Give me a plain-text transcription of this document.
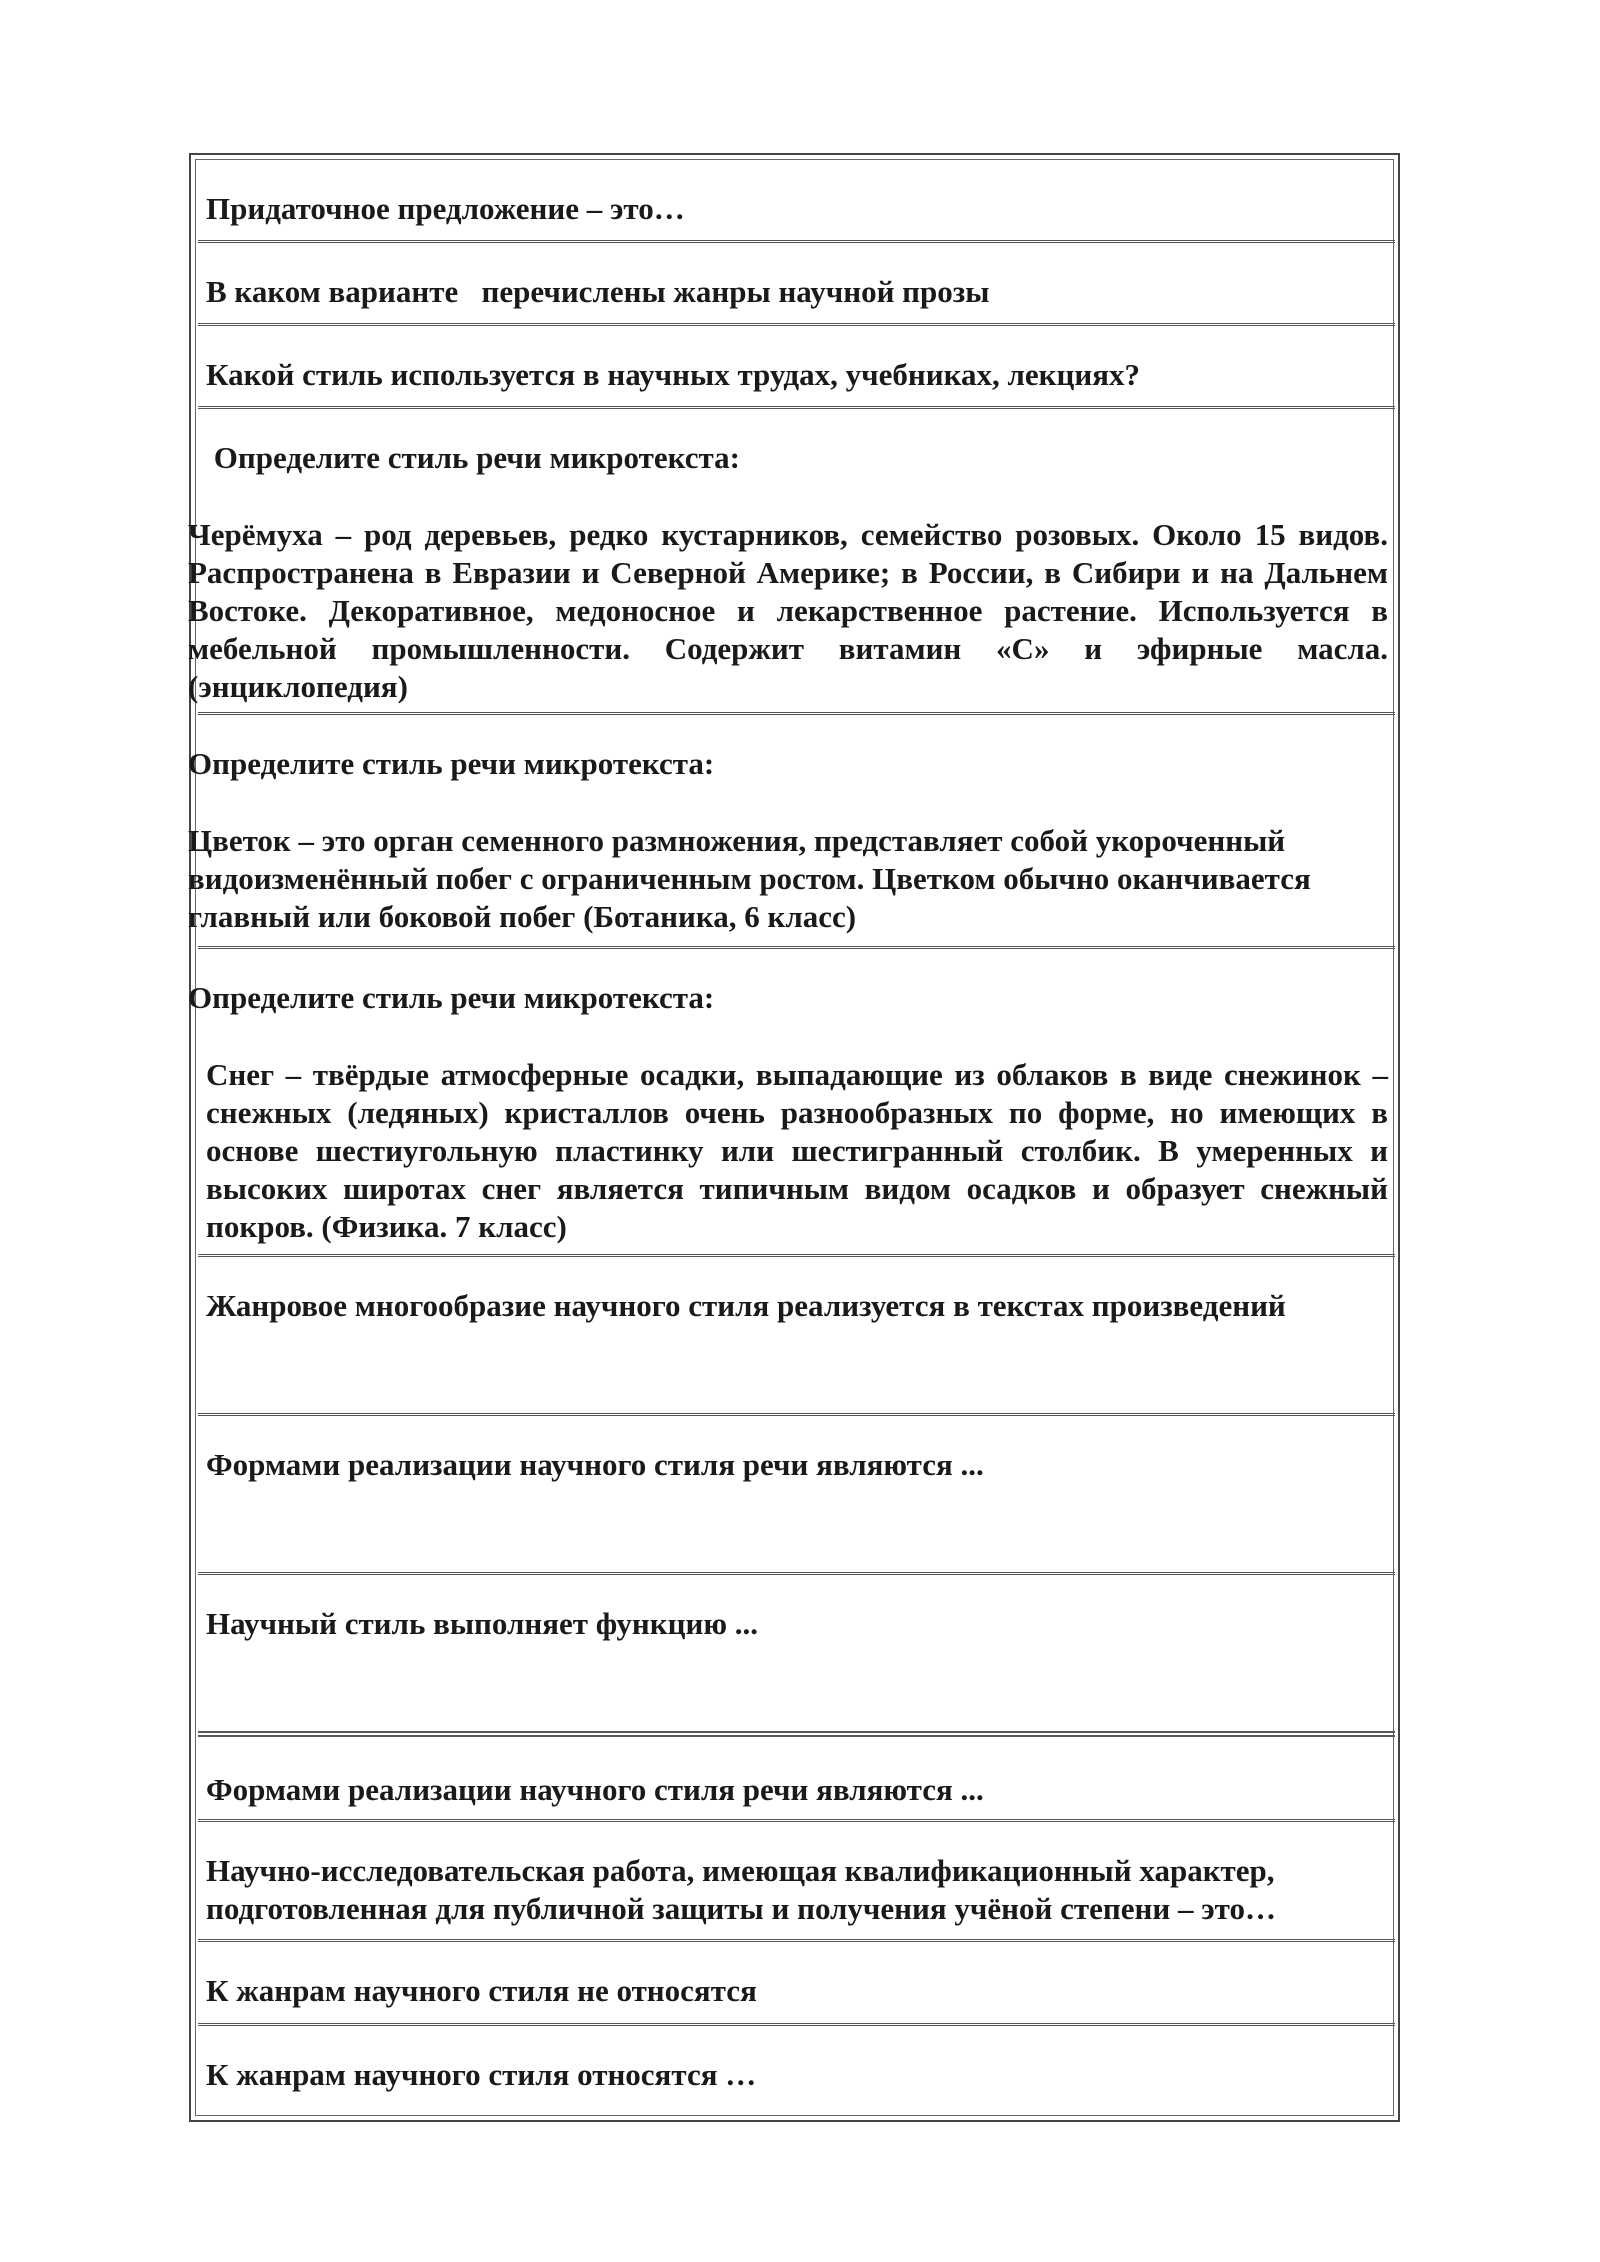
Придаточное предложение – это…
В каком варианте   перечислены жанры научной прозы
Какой стиль используется в научных трудах, учебниках, лекциях?
Определите стиль речи микротекста:
Черёмуха – род деревьев, редко кустарников, семейство розовых. Около 15 видов. Распространена в Евразии и Северной Америке; в России, в Сибири и на Дальнем Востоке. Декоративное, медоносное и лекарственное растение. Используется в мебельной промышленности. Содержит витамин «С» и эфирные масла. (энциклопедия)
Определите стиль речи микротекста:
Цветок – это орган семенного размножения, представляет собой укороченный видоизменённый побег с ограниченным ростом. Цветком обычно оканчивается главный или боковой побег (Ботаника, 6 класс)
Определите стиль речи микротекста:
Снег – твёрдые атмосферные осадки, выпадающие из облаков в виде снежинок – снежных (ледяных) кристаллов очень разнообразных по форме, но имеющих в основе шестиугольную пластинку или шестигранный столбик. В умеренных и высоких широтах снег является типичным видом осадков и образует снежный покров. (Физика. 7 класс)
Жанровое многообразие научного стиля реализуется в текстах произведений
Формами реализации научного стиля речи являются ...
Научный стиль выполняет функцию ...
Формами реализации научного стиля речи являются ...
Научно-исследовательская работа, имеющая квалификационный характер,
подготовленная для публичной защиты и получения учёной степени – это…
К жанрам научного стиля не относятся
К жанрам научного стиля относятся …
